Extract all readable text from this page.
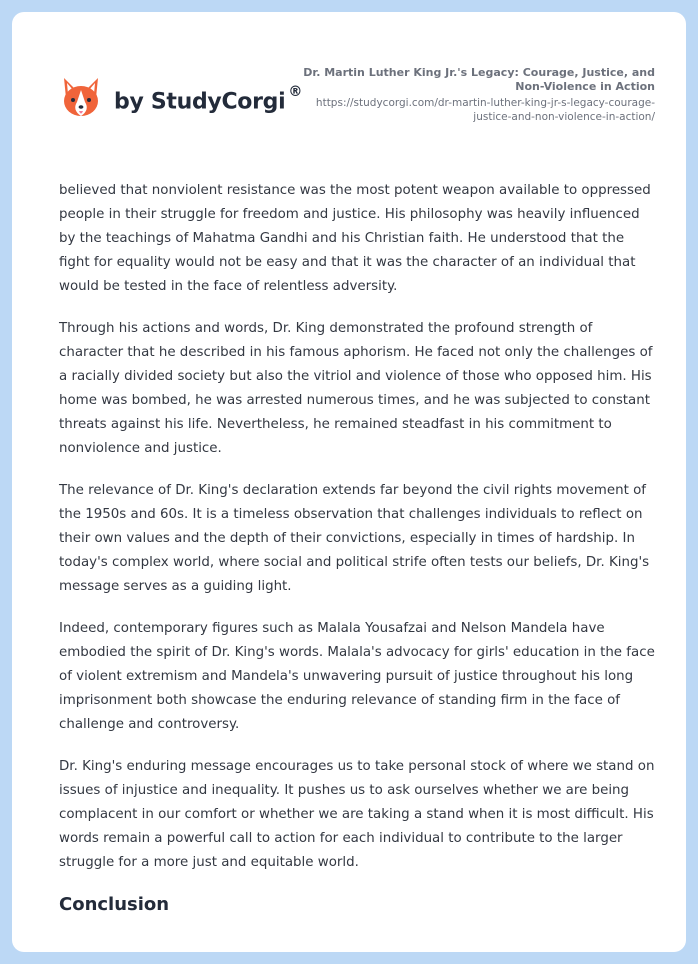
by StudyCorgi ®
Dr. Martin Luther King Jr.'s Legacy: Courage, Justice, and Non-Violence in Action
https://studycorgi.com/dr-martin-luther-king-jr-s-legacy-courage-justice-and-non-violence-in-action/

believed that nonviolent resistance was the most potent weapon available to oppressed people in their struggle for freedom and justice. His philosophy was heavily influenced by the teachings of Mahatma Gandhi and his Christian faith. He understood that the fight for equality would not be easy and that it was the character of an individual that would be tested in the face of relentless adversity.

Through his actions and words, Dr. King demonstrated the profound strength of character that he described in his famous aphorism. He faced not only the challenges of a racially divided society but also the vitriol and violence of those who opposed him. His home was bombed, he was arrested numerous times, and he was subjected to constant threats against his life. Nevertheless, he remained steadfast in his commitment to nonviolence and justice.

The relevance of Dr. King's declaration extends far beyond the civil rights movement of the 1950s and 60s. It is a timeless observation that challenges individuals to reflect on their own values and the depth of their convictions, especially in times of hardship. In today's complex world, where social and political strife often tests our beliefs, Dr. King's message serves as a guiding light.

Indeed, contemporary figures such as Malala Yousafzai and Nelson Mandela have embodied the spirit of Dr. King's words. Malala's advocacy for girls' education in the face of violent extremism and Mandela's unwavering pursuit of justice throughout his long imprisonment both showcase the enduring relevance of standing firm in the face of challenge and controversy.

Dr. King's enduring message encourages us to take personal stock of where we stand on issues of injustice and inequality. It pushes us to ask ourselves whether we are being complacent in our comfort or whether we are taking a stand when it is most difficult. His words remain a powerful call to action for each individual to contribute to the larger struggle for a more just and equitable world.

Conclusion
